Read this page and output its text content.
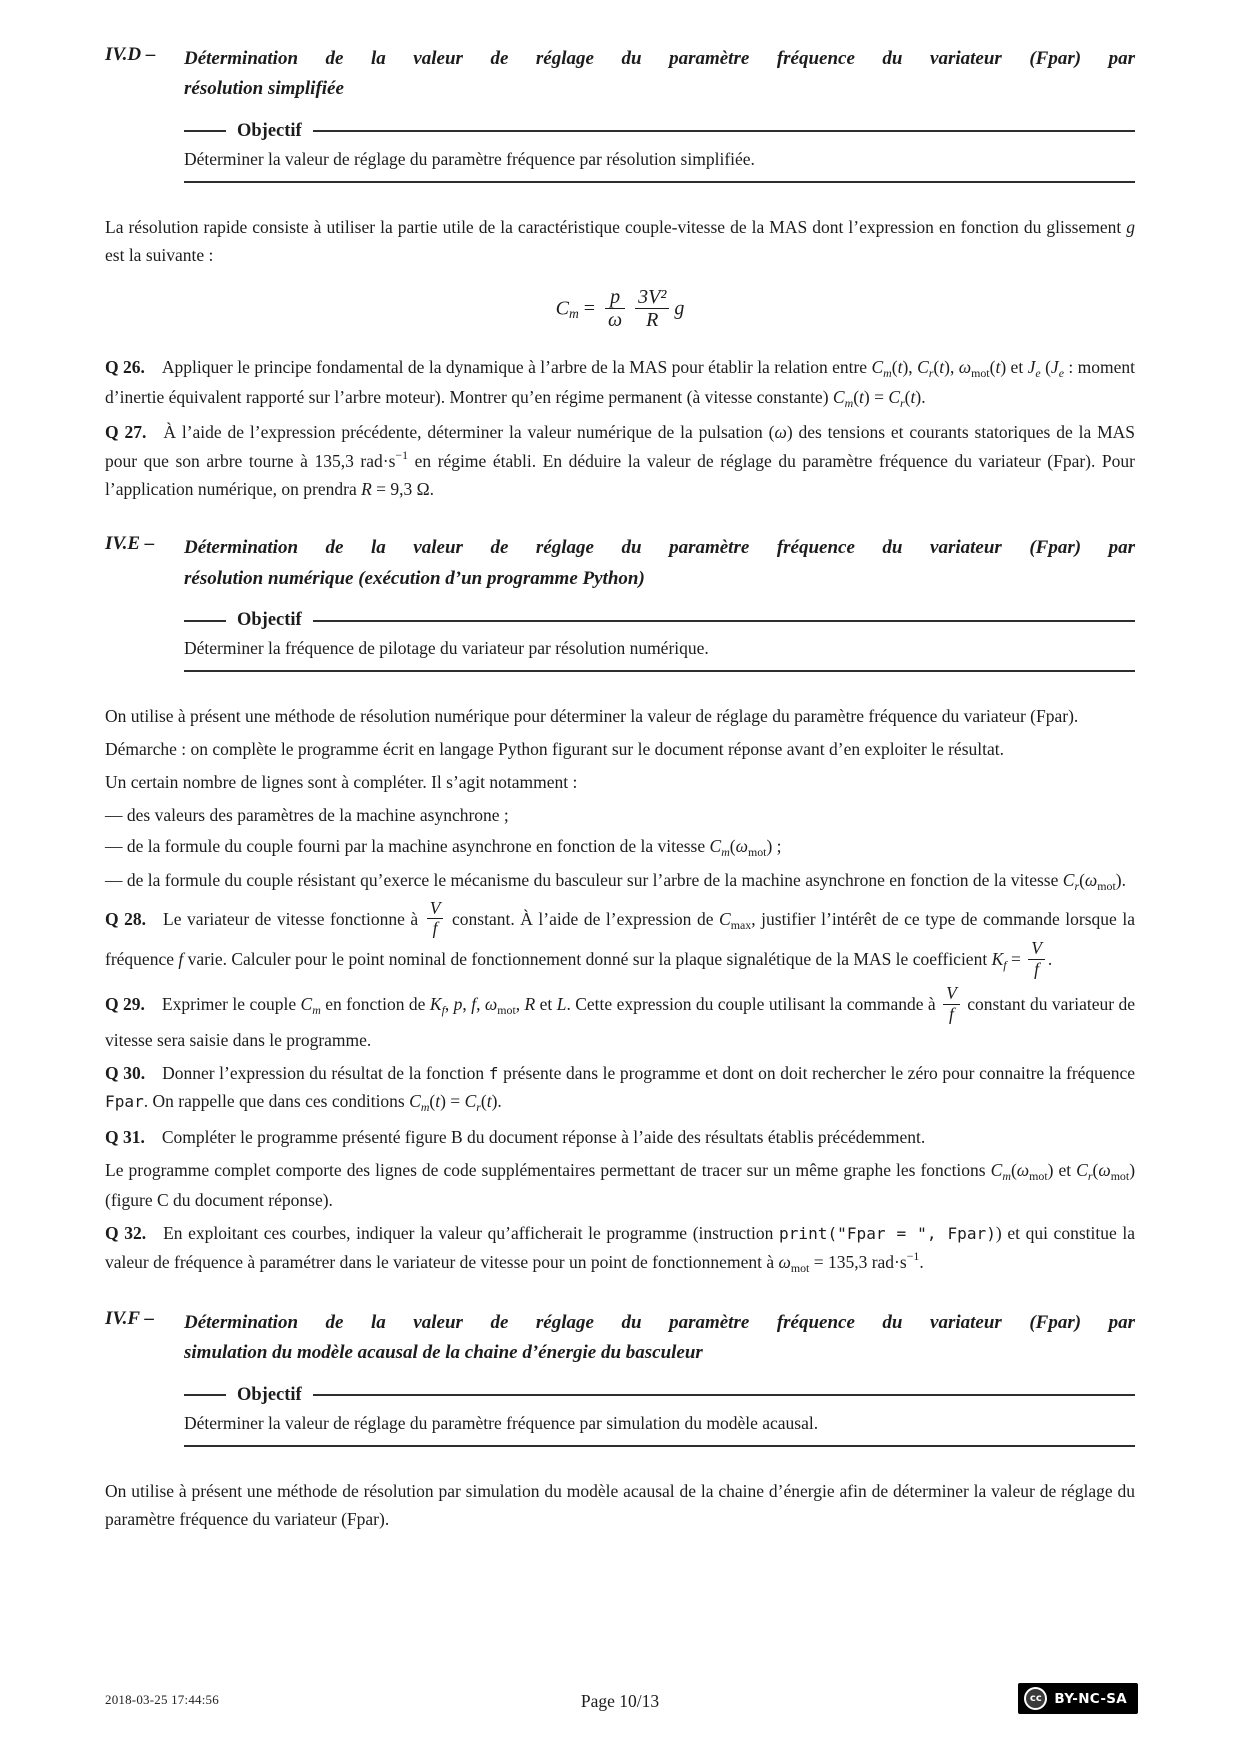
IV.D –	Détermination de la valeur de réglage du paramètre fréquence du variateur (Fpar) par
résolution simplifiée
Objectif
Déterminer la valeur de réglage du paramètre fréquence par résolution simplifiée.

La résolution rapide consiste à utiliser la partie utile de la caractéristique couple-vitesse de la MAS dont l’expression en fonction du glissement g est la suivante :

$Cm = \frac{p}{\omega} \frac{\text{3V²}}{R}$ g

Q 26. Appliquer le principe fondamental de la dynamique à l’arbre de la MAS pour établir la relation entre $C_m(t)$, $C_r(t)$, $\omega_{mot}(t)$ et $J_e$ ($J_e$ : moment d’inertie équivalent rapporté sur l’arbre moteur). Montrer qu’en régime permanent (à vitesse constante) $C_m(t) = C_r(t)$.

Q 27. À l’aide de l’expression précédente, déterminer la valeur numérique de la pulsation (ω) des tensions et courants statoriques de la MAS pour que son arbre tourne à 135,3 $rad\cdot s^{-1}$ en régime établi. En déduire la valeur de réglage du paramètre fréquence du variateur (Fpar). Pour l’application numérique, on prendra R = 9,3 Ω.

IV.E –	Détermination de la valeur de réglage du paramètre fréquence du variateur (Fpar) par
résolution numérique (exécution d’un programme Python)
Objectif
Déterminer la fréquence de pilotage du variateur par résolution numérique.

On utilise à présent une méthode de résolution numérique pour déterminer la valeur de réglage du paramètre fréquence du variateur (Fpar).

Démarche : on complète le programme écrit en langage Python figurant sur le document réponse avant d’en exploiter le résultat.

Un certain nombre de lignes sont à compléter. Il s’agit notamment :

— des valeurs des paramètres de la machine asynchrone ;

— de la formule du couple fourni par la machine asynchrone en fonction de la vitesse $C_m(\omega_{mot})$ ;

— de la formule du couple résistant qu’exerce le mécanisme du basculeur sur l’arbre de la machine asynchrone en fonction de la vitesse $C_r(\omega_{mot})$.

Q 28. Le variateur de vitesse fonctionne à $\frac{V}{f}$ constant. À l’aide de l’expression de $C_{max}$, justifier l’intérêt de ce type de commande lorsque la fréquence f varie. Calculer pour le point nominal de fonctionnement donné sur la plaque signalétique de la MAS le coefficient $K_f = \frac{V}{f}$ .

Q 29. Exprimer le couple $C_m$ en fonction de $K_f$, p, f, $\omega_{mot}$, R et L. Cette expression du couple utilisant la commande à $\frac{V}{f}$ constant du variateur de vitesse sera saisie dans le programme.

Q 30. Donner l’expression du résultat de la fonction f présente dans le programme et dont on doit rechercher le zéro pour connaitre la fréquence Fpar. On rappelle que dans ces conditions $C_m(t) = C_r(t)$.

Q 31. Compléter le programme présenté figure B du document réponse à l’aide des résultats établis précédemment.

Le programme complet comporte des lignes de code supplémentaires permettant de tracer sur un même graphe les fonctions $C_m(\omega_{mot})$ et $C_r(\omega_{mot})$ (figure C du document réponse).

Q 32. En exploitant ces courbes, indiquer la valeur qu’afficherait le programme (instruction print("Fpar = ", Fpar)) et qui constitue la valeur de fréquence à paramétrer dans le variateur de vitesse pour un point de fonctionnement à $\omega_{mot} = 135,3$ $rad\cdot s^{-1}$.

IV.F –	Détermination de la valeur de réglage du paramètre fréquence du variateur (Fpar) par
simulation du modèle acausal de la chaine d’énergie du basculeur
Objectif
Déterminer la valeur de réglage du paramètre fréquence par simulation du modèle acausal.

On utilise à présent une méthode de résolution par simulation du modèle acausal de la chaine d’énergie afin de déterminer la valeur de réglage du paramètre fréquence du variateur (Fpar).

2018-03-25 17:44:56	Page 10/13	cc BY-NC-SA
